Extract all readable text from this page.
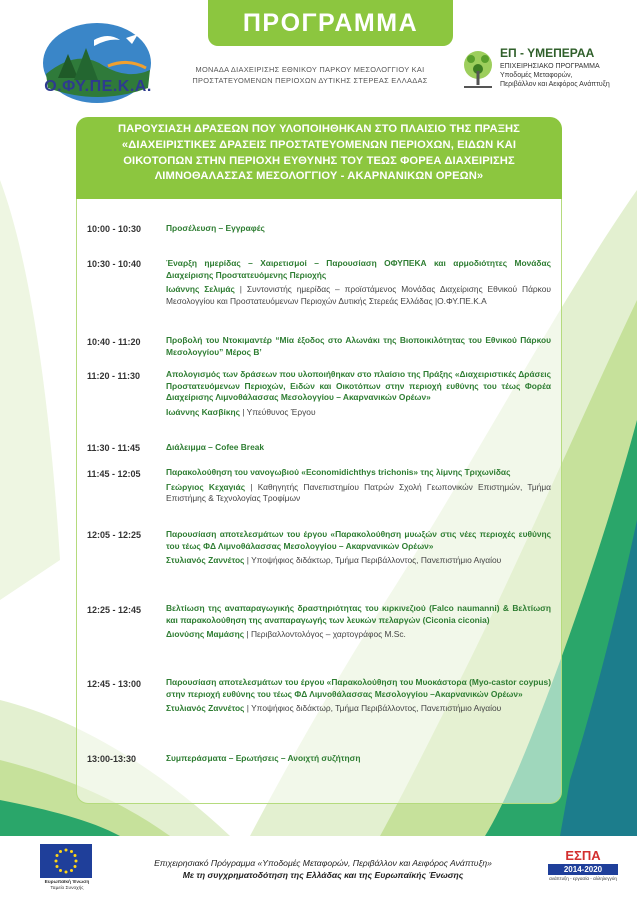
ΠΡΟΓΡΑΜΜΑ
Ο.ΦΥ.ΠΕ.Κ.Α.
ΜΟΝΑΔΑ ΔΙΑΧΕΙΡΙΣΗΣ ΕΘΝΙΚΟΥ ΠΑΡΚΟΥ ΜΕΣΟΛΟΓΓΙΟΥ ΚΑΙ
ΠΡΟΣΤΑΤΕΥΟΜΕΝΩΝ ΠΕΡΙΟΧΩΝ ΔΥΤΙΚΗΣ ΣΤΕΡΕΑΣ ΕΛΛΑΔΑΣ
ΕΠ - ΥΜΕΠΕΡΑΑ
ΕΠΙΧΕΙΡΗΣΙΑΚΟ ΠΡΟΓΡΑΜΜΑ
Υποδομές Μεταφορών,
Περιβάλλον και Αειφόρος Ανάπτυξη
ΠΑΡΟΥΣΙΑΣΗ ΔΡΑΣΕΩΝ ΠΟΥ ΥΛΟΠΟΙΗΘΗΚΑΝ ΣΤΟ ΠΛΑΙΣΙΟ ΤΗΣ ΠΡΑΞΗΣ
«ΔΙΑΧΕΙΡΙΣΤΙΚΕΣ ΔΡΑΣΕΙΣ ΠΡΟΣΤΑΤΕΥΟΜΕΝΩΝ ΠΕΡΙΟΧΩΝ, ΕΙΔΩΝ ΚΑΙ
ΟΙΚΟΤΟΠΩΝ ΣΤΗΝ ΠΕΡΙΟΧΗ ΕΥΘΥΝΗΣ ΤΟΥ ΤΕΩΣ ΦΟΡΕΑ ΔΙΑΧΕΙΡΙΣΗΣ
ΛΙΜΝΟΘΑΛΑΣΣΑΣ ΜΕΣΟΛΟΓΓΙΟΥ - ΑΚΑΡΝΑΝΙΚΩΝ ΟΡΕΩΝ»
10:00 - 10:30	Προσέλευση – Εγγραφές
10:30 - 10:40	Έναρξη ημερίδας – Χαιρετισμοί – Παρουσίαση ΟΦΥΠΕΚΑ και αρμοδιότητες Μονάδας Διαχείρισης Προστατευόμενης Περιοχής
Ιωάννης Σελιμάς | Συντονιστής ημερίδας – προϊστάμενος Μονάδας Διαχείρισης Εθνικού Πάρκου Μεσολογγίου και Προστατευόμενων Περιοχών Δυτικής Στερεάς Ελλάδας |Ο.ΦΥ.ΠΕ.Κ.Α
10:40 - 11:20	Προβολή του Ντοκιμαντέρ “Μία έξοδος στο Αλωνάκι της Βιοποικιλότητας του Εθνικού Πάρκου Μεσολογγίου” Μέρος Β’
11:20 - 11:30	Απολογισμός των δράσεων που υλοποιήθηκαν στο πλαίσιο της Πράξης «Διαχειριστικές Δράσεις Προστατευόμενων Περιοχών, Ειδών και Οικοτόπων στην περιοχή ευθύνης του τέως Φορέα Διαχείρισης Λιμνοθάλασσας Μεσολογγίου – Ακαρνανικών Ορέων»
Ιωάννης Κασβίκης | Υπεύθυνος Έργου
11:30 - 11:45	Διάλειμμα – Cofee Break
11:45 - 12:05	Παρακολούθηση του νανογωβιού «Economidichthys trichonis» της λίμνης Τριχωνίδας
Γεώργιος Κεχαγιάς | Καθηγητής Πανεπιστημίου Πατρών Σχολή Γεωπονικών Επιστημών, Τμήμα Επιστήμης & Τεχνολογίας Τροφίμων
12:05 - 12:25	Παρουσίαση αποτελεσμάτων του έργου «Παρακολούθηση μυωξών στις νέες περιοχές ευθύνης του τέως ΦΔ Λιμνοθάλασσας Μεσολογγίου – Ακαρνανικών Ορέων»
Στυλιανός Ζαννέτος | Υποψήφιος διδάκτωρ, Τμήμα Περιβάλλοντος, Πανεπιστήμιο Αιγαίου
12:25 - 12:45	Βελτίωση της αναπαραγωγικής δραστηριότητας του κιρκινεζιού (Falco naumanni) & Βελτίωση και παρακολούθηση της αναπαραγωγής των λευκών πελαργών (Ciconia ciconia)
Διονύσης Μαμάσης | Περιβαλλοντολόγος – χαρτογράφος M.Sc.
12:45 - 13:00	Παρουσίαση αποτελεσμάτων του έργου «Παρακολούθηση του Μυοκάστορα (Myo-castor coypus) στην περιοχή ευθύνης του τέως ΦΔ Λιμνοθάλασσας Μεσολογγίου –Ακαρνανικών Ορέων»
Στυλιανός Ζαννέτος | Υποψήφιος διδάκτωρ, Τμήμα Περιβάλλοντος, Πανεπιστήμιο Αιγαίου
13:00-13:30	Συμπεράσματα – Ερωτήσεις – Ανοιχτή συζήτηση
Ευρωπαϊκή Ένωση
Ταμείο Συνοχής
Επιχειρησιακό Πρόγραμμα «Υποδομές Μεταφορών, Περιβάλλον και Αειφόρος Ανάπτυξη»
Με τη συγχρηματοδότηση της Ελλάδας και της Ευρωπαϊκής Ένωσης
ΕΣΠΑ
2014-2020
ανάπτυξη - εργασία - αλληλεγγύη
